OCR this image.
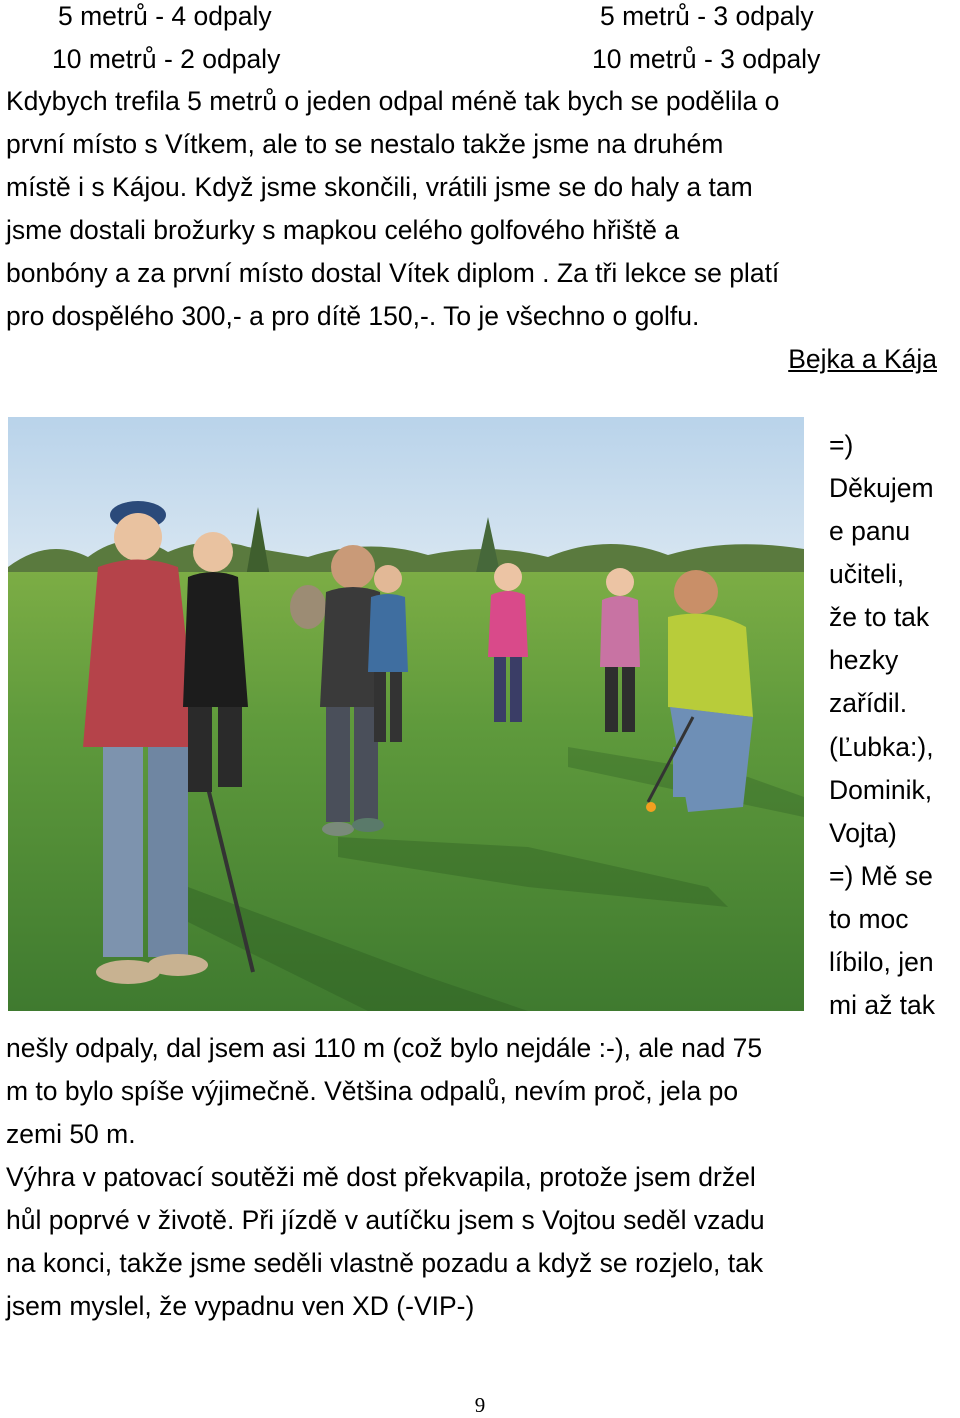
5 metrů - 4 odpaly
10 metrů - 2 odpaly
5 metrů - 3 odpaly
10 metrů - 3 odpaly

Kdybych trefila 5 metrů o jeden odpal méně tak bych se podělila o

první místo s Vítkem, ale to se nestalo takže jsme na druhém

místě i s Kájou. Když jsme skončili, vrátili jsme se do haly a tam

jsme dostali brožurky s mapkou celého golfového hřiště a

bonbóny a za první místo dostal Vítek diplom . Za tři lekce se platí

pro dospělého 300,- a pro dítě 150,-. To je všechno o golfu.

Bejka a Kája
=)
Děkujem
e panu
učiteli,
že to tak
hezky
zařídil.
(Ľubka:),
Dominik,
Vojta)
=) Mě se
to moc
líbilo, jen
mi až tak

nešly odpaly, dal jsem asi 110 m (což bylo nejdále :-), ale nad 75

m to bylo spíše výjimečně. Většina odpalů, nevím proč, jela po

zemi 50 m.

Výhra v patovací soutěži mě dost překvapila, protože jsem držel

hůl poprvé v životě. Při jízdě v autíčku jsem s Vojtou seděl vzadu

na konci, takže jsme seděli vlastně pozadu a když se rozjelo, tak

jsem myslel, že vypadnu ven XD (-VIP-)

9
